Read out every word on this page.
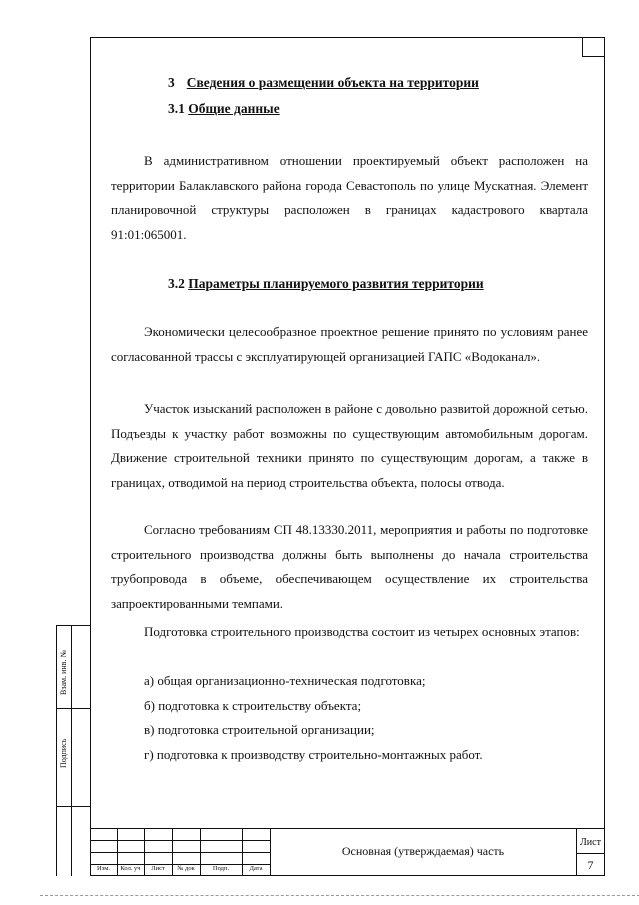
Взам. инв. №
Подпись
3 Сведения о размещении объекта на территории
3.1 Общие данные
В административном отношении проектируемый объект расположен на территории Балаклавского района города Севастополь по улице Мускатная. Элемент планировочной структуры расположен в границах кадастрового квартала 91:01:065001.
3.2 Параметры планируемого развития территории
Экономически целесообразное проектное решение принято по условиям ранее согласованной трассы с эксплуатирующей организацией ГАПС «Водоканал».
Участок изысканий расположен в районе с довольно развитой дорожной сетью. Подъезды к участку работ возможны по существующим автомобильным дорогам. Движение строительной техники принято по существующим дорогам, а также в границах, отводимой на период строительства объекта, полосы отвода.
Согласно требованиям СП 48.13330.2011, мероприятия и работы по подготовке строительного производства должны быть выполнены до начала строительства трубопровода в объеме, обеспечивающем осуществление их строительства запроектированными темпами.
Подготовка строительного производства состоит из четырех основных этапов:
а) общая организационно-техническая подготовка;
б) подготовка к строительству объекта;
в) подготовка строительной организации;
г) подготовка к производству строительно-монтажных работ.
Изм.	Кол. уч	Лист	№ док	Подп.	Дата
Основная (утверждаемая) часть
Лист
7
